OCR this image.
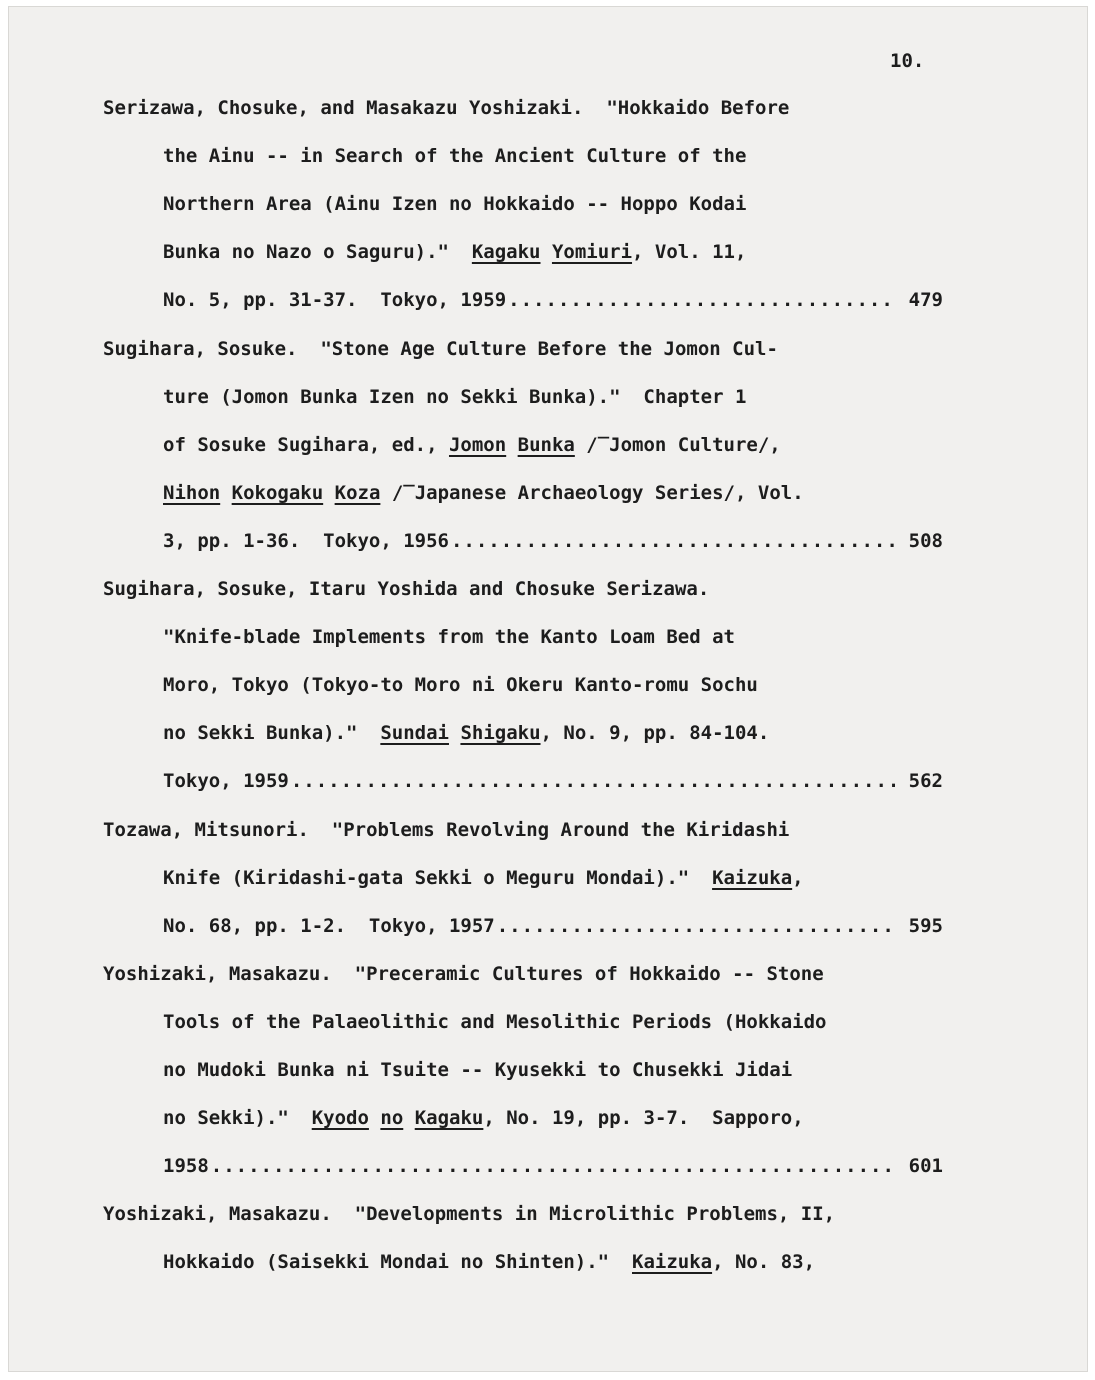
10.
Serizawa, Chosuke, and Masakazu Yoshizaki.  "Hokkaido Before
the Ainu -- in Search of the Ancient Culture of the
Northern Area (Ainu Izen no Hokkaido -- Hoppo Kodai
Bunka no Nazo o Saguru)."  Kagaku Yomiuri, Vol. 11,
No. 5, pp. 31-37.  Tokyo, 1959 .....	479
Sugihara, Sosuke.  "Stone Age Culture Before the Jomon Cul-
ture (Jomon Bunka Izen no Sekki Bunka)."  Chapter 1
of Sosuke Sugihara, ed., Jomon Bunka /‾Jomon Culture/,
Nihon Kokogaku Koza /‾Japanese Archaeology Series/, Vol.
3, pp. 1-36.  Tokyo, 1956 .....	508
Sugihara, Sosuke, Itaru Yoshida and Chosuke Serizawa.
"Knife-blade Implements from the Kanto Loam Bed at
Moro, Tokyo (Tokyo-to Moro ni Okeru Kanto-romu Sochu
no Sekki Bunka)."  Sundai Shigaku, No. 9, pp. 84-104.
Tokyo, 1959 .....	562
Tozawa, Mitsunori.  "Problems Revolving Around the Kiridashi
Knife (Kiridashi-gata Sekki o Meguru Mondai)."  Kaizuka,
No. 68, pp. 1-2.  Tokyo, 1957 .....	595
Yoshizaki, Masakazu.  "Preceramic Cultures of Hokkaido -- Stone
Tools of the Palaeolithic and Mesolithic Periods (Hokkaido
no Mudoki Bunka ni Tsuite -- Kyusekki to Chusekki Jidai
no Sekki)."  Kyodo no Kagaku, No. 19, pp. 3-7.  Sapporo,
1958 .....	601
Yoshizaki, Masakazu.  "Developments in Microlithic Problems, II,
Hokkaido (Saisekki Mondai no Shinten)."  Kaizuka, No. 83,
